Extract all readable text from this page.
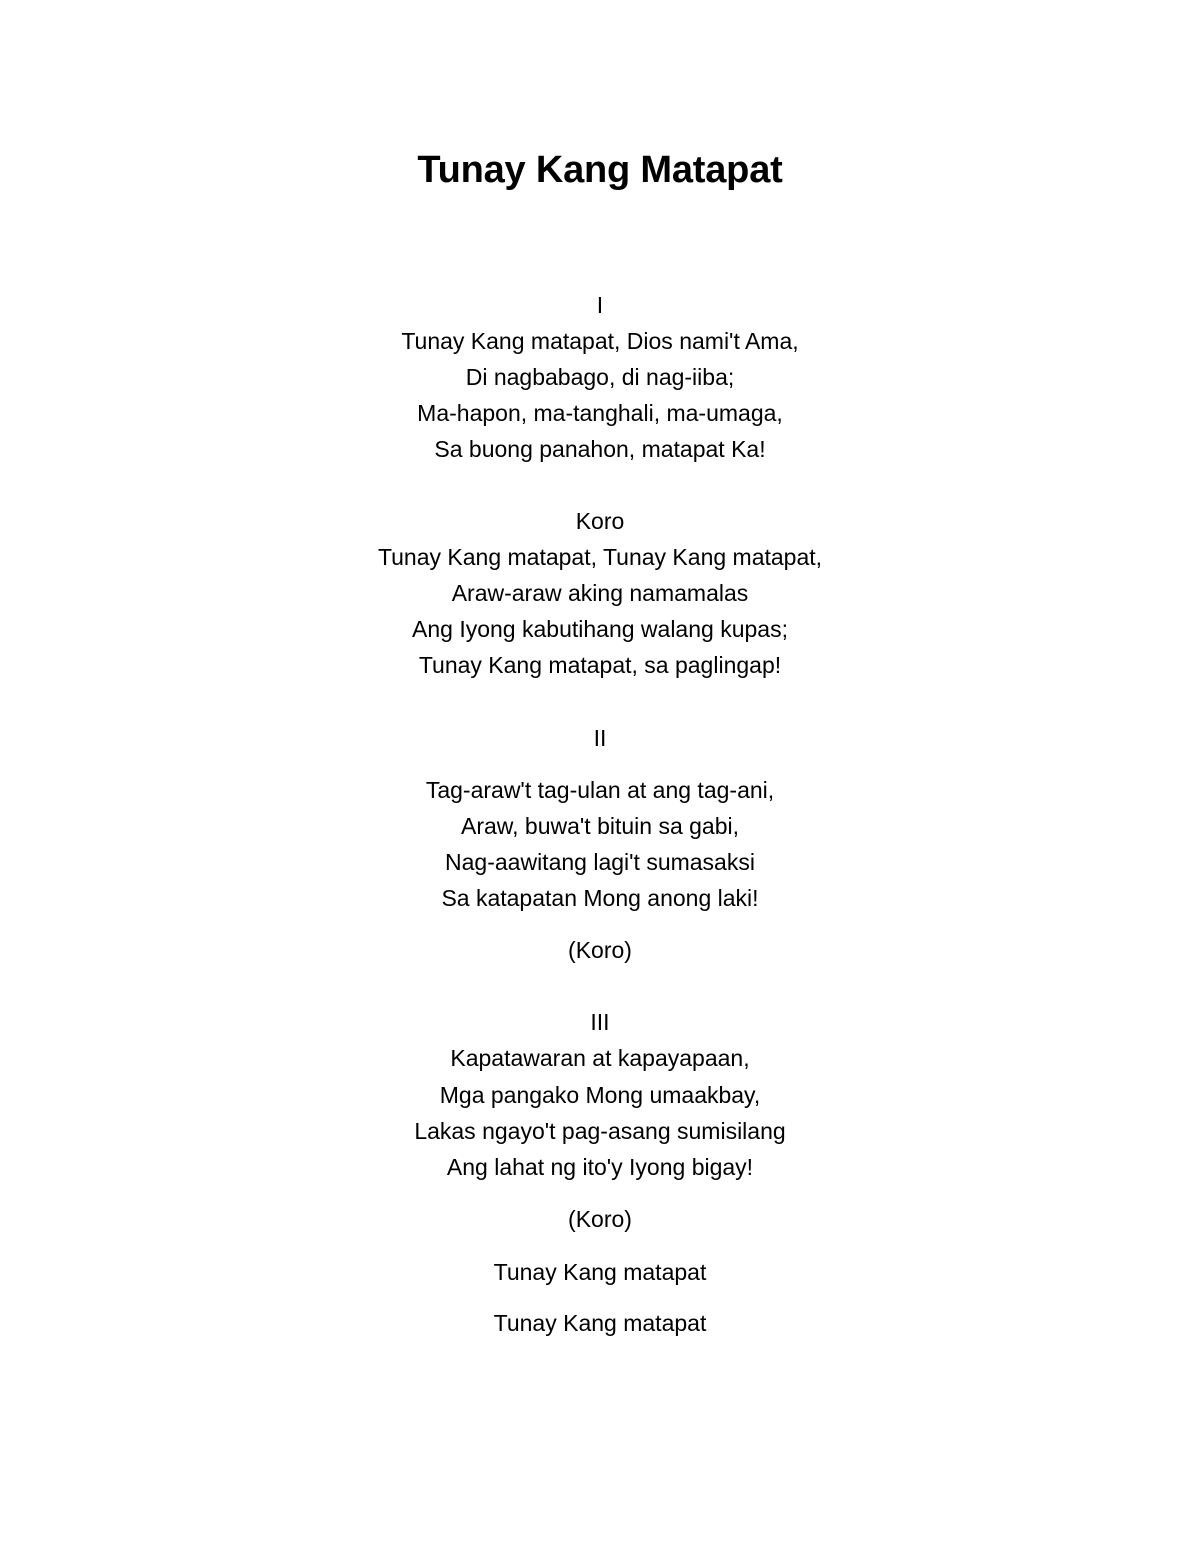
Tunay Kang Matapat
I
Tunay Kang matapat, Dios nami't Ama,
Di nagbabago, di nag-iiba;
Ma-hapon, ma-tanghali, ma-umaga,
Sa buong panahon, matapat Ka!
Koro
Tunay Kang matapat, Tunay Kang matapat,
Araw-araw aking namamalas
Ang Iyong kabutihang walang kupas;
Tunay Kang matapat, sa paglingap!
II
Tag-araw't tag-ulan at ang tag-ani,
Araw, buwa't bituin sa gabi,
Nag-aawitang lagi't sumasaksi
Sa katapatan Mong anong laki!
(Koro)
III
Kapatawaran at kapayapaan,
Mga pangako Mong umaakbay,
Lakas ngayo't pag-asang sumisilang
Ang lahat ng ito'y Iyong bigay!
(Koro)
Tunay Kang matapat
Tunay Kang matapat
